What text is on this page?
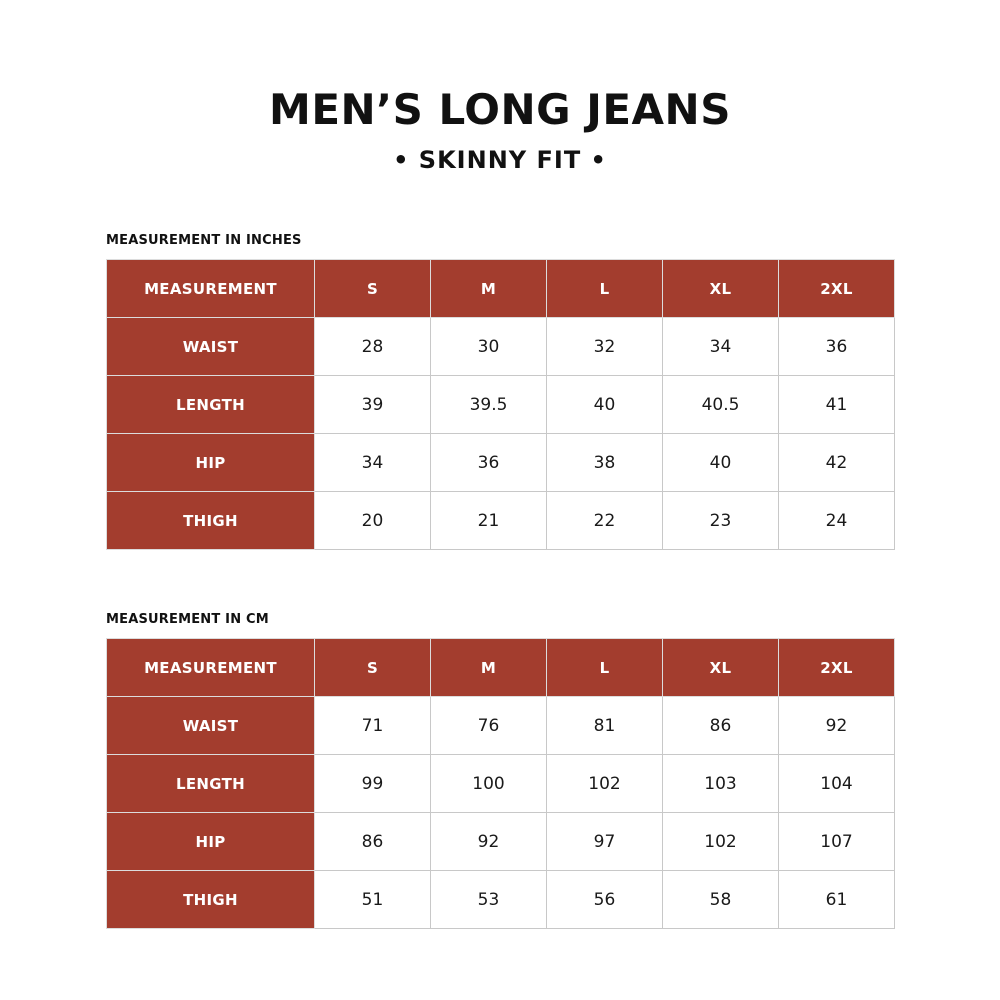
MEN’S LONG JEANS
• SKINNY FIT •

MEASUREMENT IN INCHES

MEASUREMENT	S	M	L	XL	2XL
WAIST	28	30	32	34	36
LENGTH	39	39.5	40	40.5	41
HIP	34	36	38	40	42
THIGH	20	21	22	23	24

MEASUREMENT IN CM

MEASUREMENT	S	M	L	XL	2XL
WAIST	71	76	81	86	92
LENGTH	99	100	102	103	104
HIP	86	92	97	102	107
THIGH	51	53	56	58	61
